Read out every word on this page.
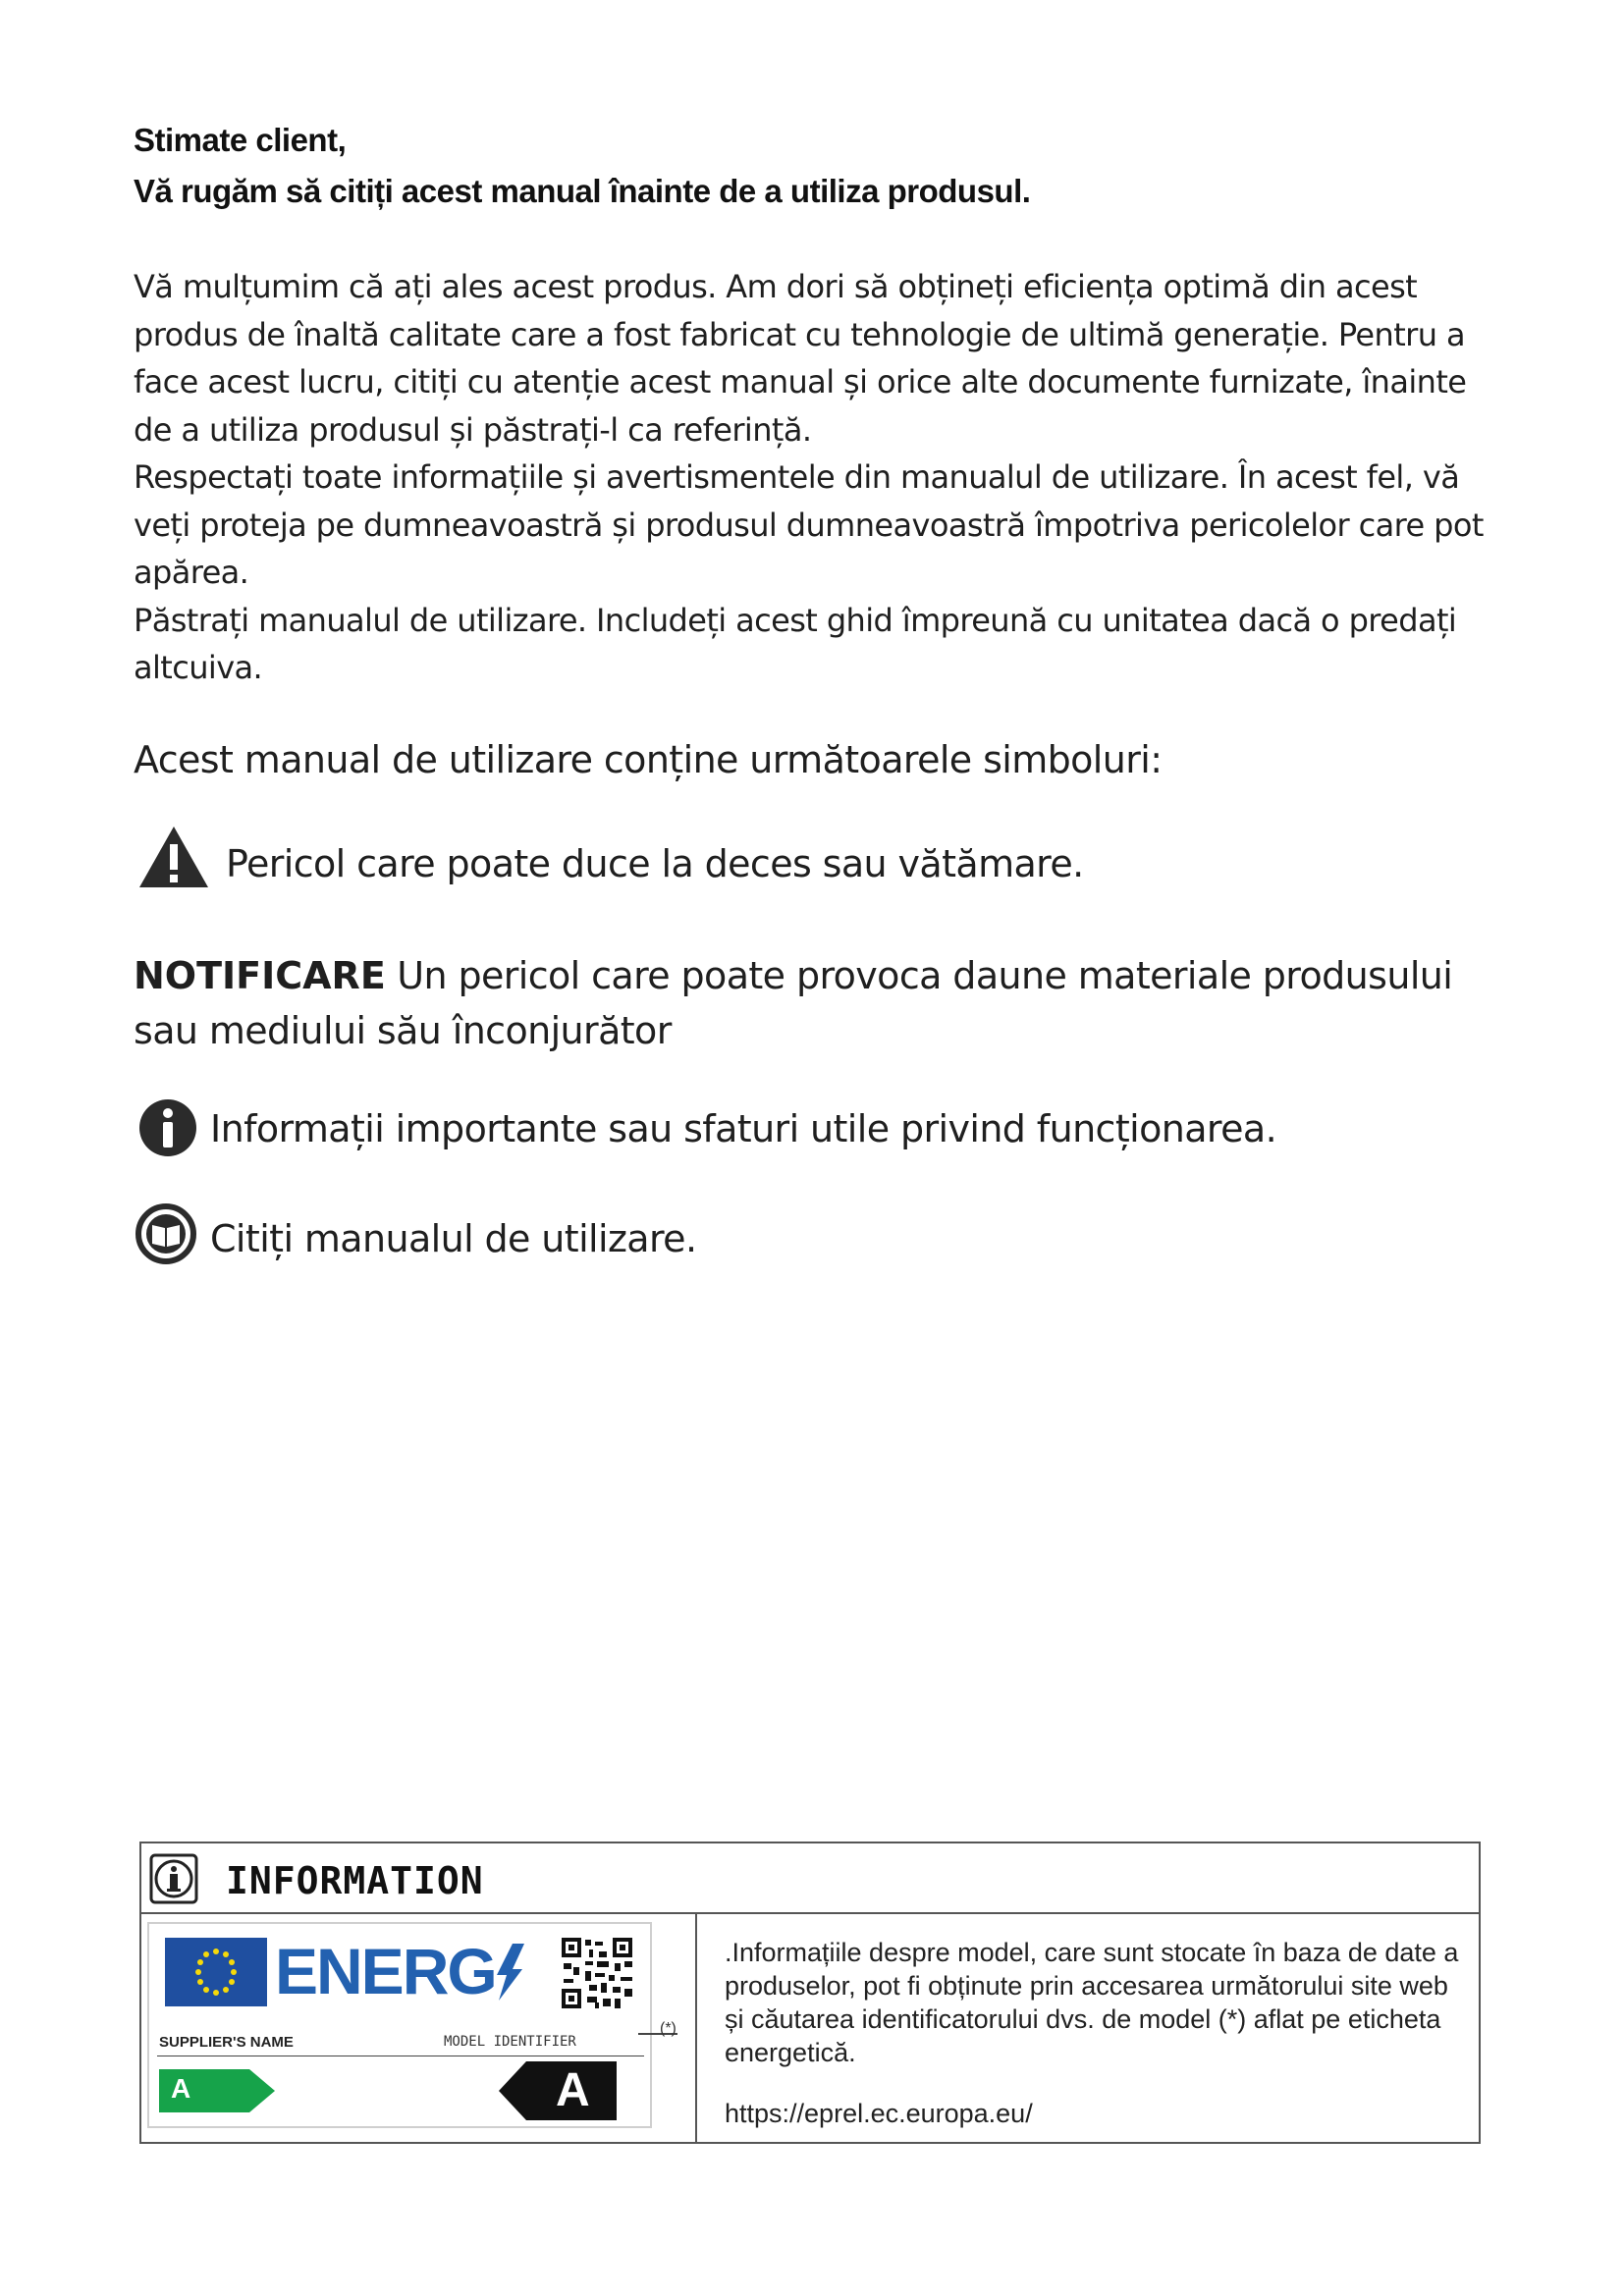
Stimate client,
Vă rugăm să citiți acest manual înainte de a utiliza produsul.

Vă mulțumim că ați ales acest produs. Am dori să obțineți eficiența optimă din acest produs de înaltă calitate care a fost fabricat cu tehnologie de ultimă generație. Pentru a face acest lucru, citiți cu atenție acest manual și orice alte documente furnizate, înainte de a utiliza produsul și păstrați-l ca referință.

Respectați toate informațiile și avertismentele din manualul de utilizare. În acest fel, vă veți proteja pe dumneavoastră și produsul dumneavoastră împotriva pericolelor care pot apărea.

Păstrați manualul de utilizare. Includeți acest ghid împreună cu unitatea dacă o predați altcuiva.

Acest manual de utilizare conține următoarele simboluri:
Pericol care poate duce la deces sau vătămare.
NOTIFICARE Un pericol care poate provoca daune materiale produsului sau mediului său înconjurător
Informații importante sau sfaturi utile privind funcționarea.
Citiți manualul de utilizare.
INFORMATION
ENERG
SUPPLIER'S NAME	MODEL IDENTIFIER
A	A
(*)

.Informațiile despre model, care sunt stocate în baza de date a produselor, pot fi obținute prin accesarea următorului site web și căutarea identificatorului dvs. de model (*) aflat pe eticheta energetică.

https://eprel.ec.europa.eu/
